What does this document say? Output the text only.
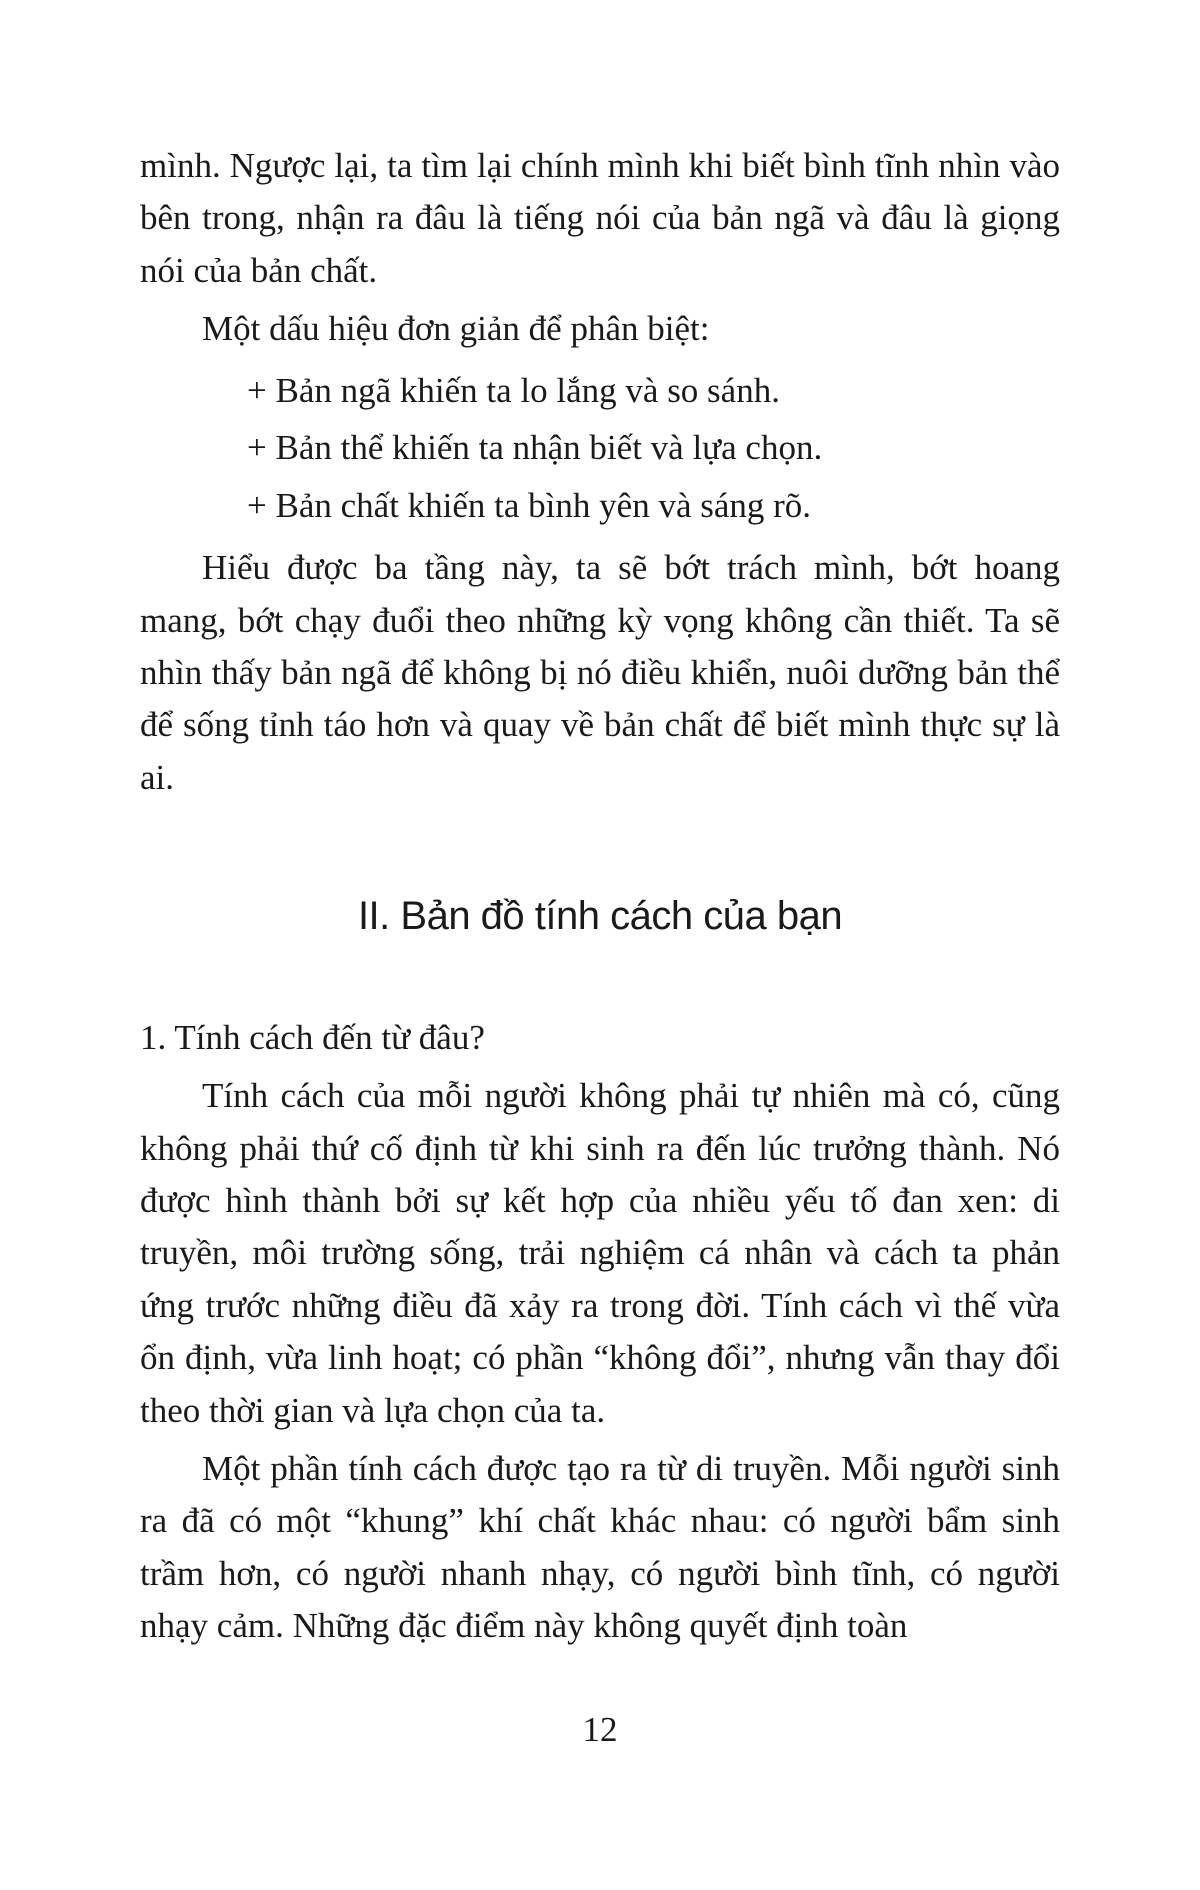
mình. Ngược lại, ta tìm lại chính mình khi biết bình tĩnh nhìn vào bên trong, nhận ra đâu là tiếng nói của bản ngã và đâu là giọng nói của bản chất.

Một dấu hiệu đơn giản để phân biệt:

+ Bản ngã khiến ta lo lắng và so sánh.
+ Bản thể khiến ta nhận biết và lựa chọn.
+ Bản chất khiến ta bình yên và sáng rõ.

Hiểu được ba tầng này, ta sẽ bớt trách mình, bớt hoang mang, bớt chạy đuổi theo những kỳ vọng không cần thiết. Ta sẽ nhìn thấy bản ngã để không bị nó điều khiển, nuôi dưỡng bản thể để sống tỉnh táo hơn và quay về bản chất để biết mình thực sự là ai.

II. Bản đồ tính cách của bạn
1. Tính cách đến từ đâu?

Tính cách của mỗi người không phải tự nhiên mà có, cũng không phải thứ cố định từ khi sinh ra đến lúc trưởng thành. Nó được hình thành bởi sự kết hợp của nhiều yếu tố đan xen: di truyền, môi trường sống, trải nghiệm cá nhân và cách ta phản ứng trước những điều đã xảy ra trong đời. Tính cách vì thế vừa ổn định, vừa linh hoạt; có phần “không đổi”, nhưng vẫn thay đổi theo thời gian và lựa chọn của ta.

Một phần tính cách được tạo ra từ di truyền. Mỗi người sinh ra đã có một “khung” khí chất khác nhau: có người bẩm sinh trầm hơn, có người nhanh nhạy, có người bình tĩnh, có người nhạy cảm. Những đặc điểm này không quyết định toàn

12
